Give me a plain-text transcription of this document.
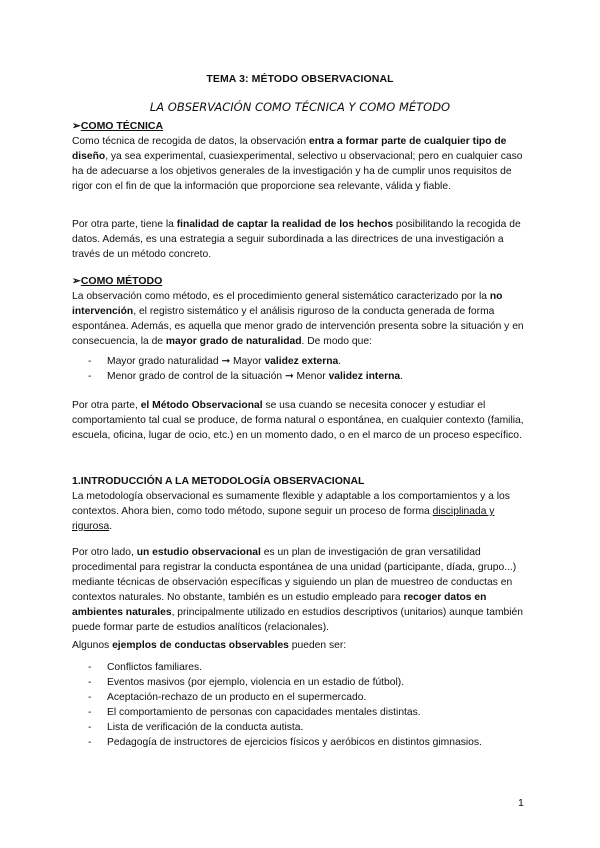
TEMA 3: MÉTODO OBSERVACIONAL
LA OBSERVACIÓN COMO TÉCNICA Y COMO MÉTODO
➢COMO TÉCNICA

Como técnica de recogida de datos, la observación entra a formar parte de cualquier tipo de diseño, ya sea experimental, cuasiexperimental, selectivo u observacional; pero en cualquier caso ha de adecuarse a los objetivos generales de la investigación y ha de cumplir unos requisitos de rigor con el fin de que la información que proporcione sea relevante, válida y fiable.

Por otra parte, tiene la finalidad de captar la realidad de los hechos posibilitando la recogida de datos. Además, es una estrategia a seguir subordinada a las directrices de una investigación a través de un método concreto.

➢COMO MÉTODO

La observación como método, es el procedimiento general sistemático caracterizado por la no intervención, el registro sistemático y el análisis riguroso de la conducta generada de forma espontánea. Además, es aquella que menor grado de intervención presenta sobre la situación y en consecuencia, la de mayor grado de naturalidad. De modo que:

- Mayor grado naturalidad ➞ Mayor validez externa.
- Menor grado de control de la situación ➞ Menor validez interna.

Por otra parte, el Método Observacional se usa cuando se necesita conocer y estudiar el comportamiento tal cual se produce, de forma natural o espontánea, en cualquier contexto (familia, escuela, oficina, lugar de ocio, etc.) en un momento dado, o en el marco de un proceso específico.

1.INTRODUCCIÓN A LA METODOLOGÍA OBSERVACIONAL

La metodología observacional es sumamente flexible y adaptable a los comportamientos y a los contextos. Ahora bien, como todo método, supone seguir un proceso de forma disciplinada y rigurosa.

Por otro lado, un estudio observacional es un plan de investigación de gran versatilidad procedimental para registrar la conducta espontánea de una unidad (participante, díada, grupo...) mediante técnicas de observación específicas y siguiendo un plan de muestreo de conductas en contextos naturales. No obstante, también es un estudio empleado para recoger datos en ambientes naturales, principalmente utilizado en estudios descriptivos (unitarios) aunque también puede formar parte de estudios analíticos (relacionales).

Algunos ejemplos de conductas observables pueden ser:

- Conflictos familiares.
- Eventos masivos (por ejemplo, violencia en un estadio de fútbol).
- Aceptación-rechazo de un producto en el supermercado.
- El comportamiento de personas con capacidades mentales distintas.
- Lista de verificación de la conducta autista.
- Pedagogía de instructores de ejercicios físicos y aeróbicos en distintos gimnasios.
1
